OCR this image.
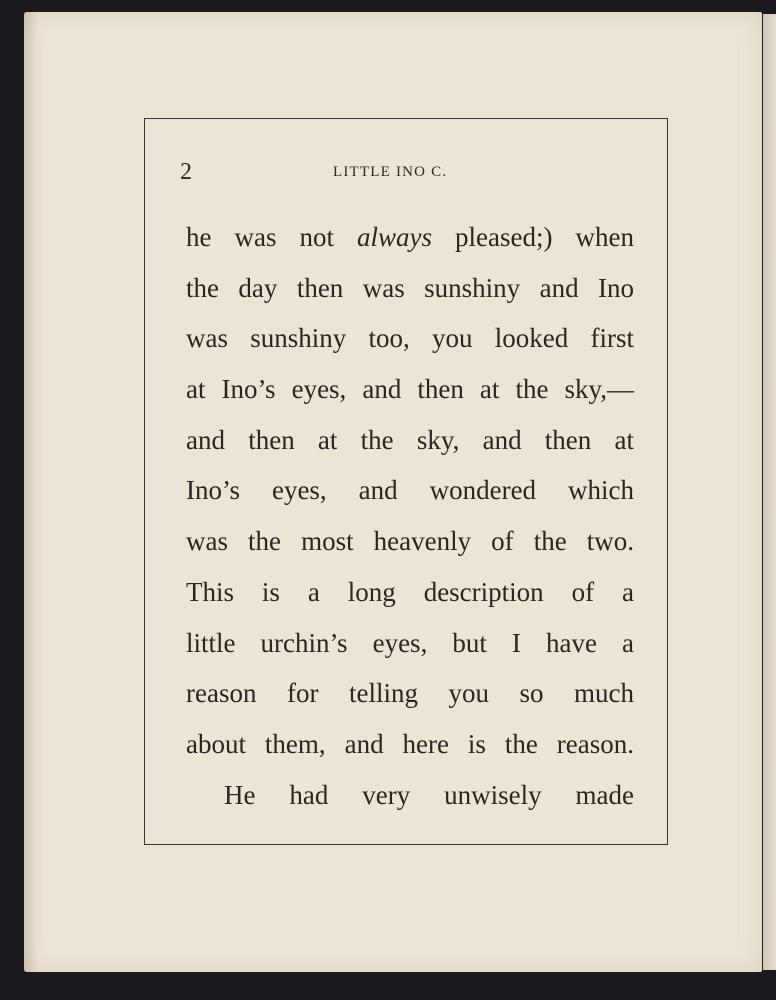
2	LITTLE INO C.
he was not always pleased;) when
the day then was sunshiny and Ino
was sunshiny too, you looked first
at Ino’s eyes, and then at the sky,—
and then at the sky, and then at
Ino’s eyes, and wondered which
was the most heavenly of the two.
This is a long description of a
little urchin’s eyes, but I have a
reason for telling you so much
about them, and here is the reason.
He had very unwisely made
